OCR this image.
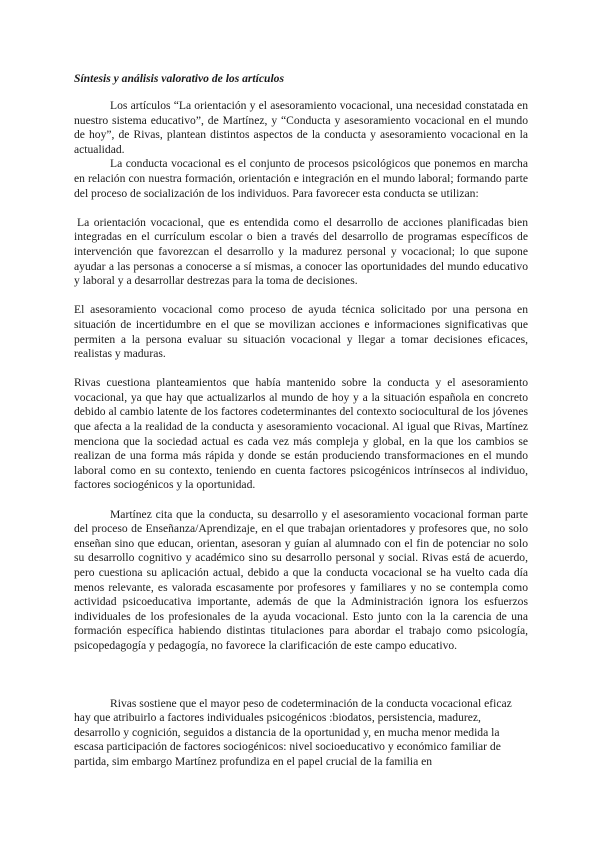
Síntesis y análisis valorativo de los artículos

Los artículos “La orientación y el asesoramiento vocacional, una necesidad constatada en nuestro sistema educativo”, de Martínez, y “Conducta y asesoramiento vocacional en el mundo de hoy”, de Rivas, plantean distintos aspectos de la conducta y asesoramiento vocacional en la actualidad.

La conducta vocacional es el conjunto de procesos psicológicos que ponemos en marcha en relación con nuestra formación, orientación e integración en el mundo laboral; formando parte del proceso de socialización de los individuos. Para favorecer esta conducta se utilizan:

La orientación vocacional, que es entendida como el desarrollo de acciones planificadas bien integradas en el currículum escolar o bien a través del desarrollo de programas específicos de intervención que favorezcan el desarrollo y la madurez personal y vocacional; lo que supone ayudar a las personas a conocerse a sí mismas, a conocer las oportunidades del mundo educativo y laboral y a desarrollar destrezas para la toma de decisiones.

El asesoramiento vocacional como proceso de ayuda técnica solicitado por una persona en situación de incertidumbre en el que se movilizan acciones e informaciones significativas que permiten a la persona evaluar su situación vocacional y llegar a tomar decisiones eficaces, realistas y maduras.

Rivas cuestiona planteamientos que había mantenido sobre la conducta y el asesoramiento vocacional, ya que hay que actualizarlos al mundo de hoy y a la situación española en concreto debido al cambio latente de los factores codeterminantes del contexto sociocultural de los jóvenes que afecta a la realidad de la conducta y asesoramiento vocacional. Al igual que Rivas, Martínez menciona que la sociedad actual es cada vez más compleja y global, en la que los cambios se realizan de una forma más rápida y donde se están produciendo transformaciones en el mundo laboral como en su contexto, teniendo en cuenta factores psicogénicos intrínsecos al individuo, factores sociogénicos y la oportunidad.

Martínez cita que la conducta, su desarrollo y el asesoramiento vocacional forman parte del proceso de Enseñanza/Aprendizaje, en el que trabajan orientadores y profesores que, no solo enseñan sino que educan, orientan, asesoran y guían al alumnado con el fin de potenciar no solo su desarrollo cognitivo y académico sino su desarrollo personal y social. Rivas está de acuerdo, pero cuestiona su aplicación actual, debido a que la conducta vocacional se ha vuelto cada día menos relevante, es valorada escasamente por profesores y familiares y no se contempla como actividad psicoeducativa importante, además de que la Administración ignora los esfuerzos individuales de los profesionales de la ayuda vocacional. Esto junto con la la carencia de una formación específica habiendo distintas titulaciones para abordar el trabajo como psicología, psicopedagogía y pedagogía, no favorece la clarificación de este campo educativo.

Rivas sostiene que el mayor peso de codeterminación de la conducta vocacional eficaz hay que atribuirlo a factores individuales psicogénicos :biodatos, persistencia, madurez, desarrollo y cognición, seguidos a distancia de la oportunidad y, en mucha menor medida la escasa participación de factores sociogénicos: nivel socioeducativo y económico familiar de partida, sim embargo Martínez profundiza en el papel crucial de la familia en
